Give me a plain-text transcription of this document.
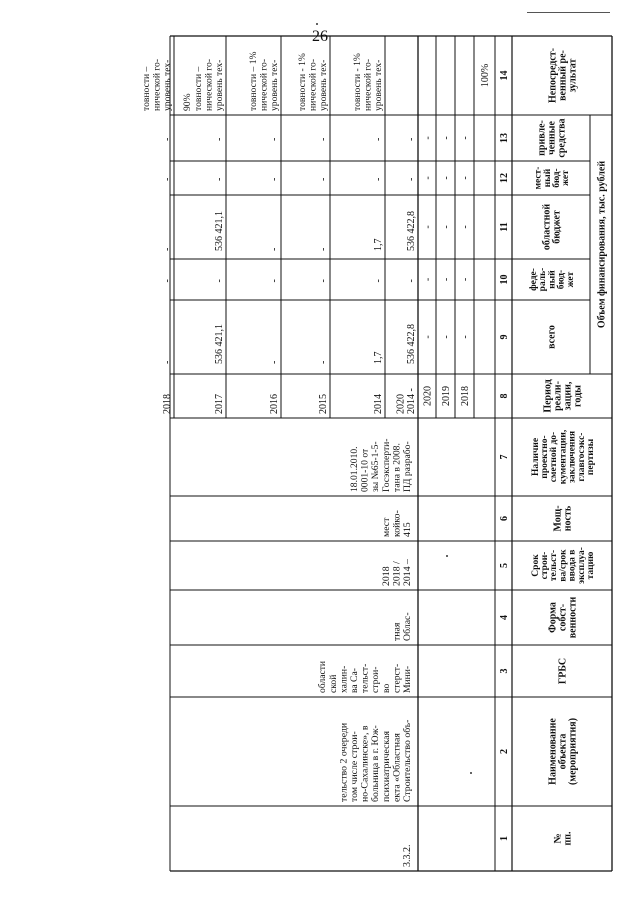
26
№ пп.
Наименование объекта (мероприятия)
ГРБС
Форма собст- венности
Срок строи- тельст- ва/срок ввода в эксплуа- тацию
Мощ- ность
Наличие проектно- сметной до- кументации, заключения главгосэкс- пертизы
Период реали- зации, годы
Объем финансирования, тыс. рублей
всего
феде- раль- ный бюд- жет
областной бюджет
мест- ный бюд- жет
привле- ченные средства
Непосредст- венный ре- зультат
1
2
3
4
5
6
7
8
9
10
11
12
13
14
100%
2018
-
-
-
-
-
2019
-
-
-
-
-
2020
-
-
-
-
-
3.3.2.
Строительство объ-
екта «Областная
психиатрическая
больница в г. Юж-
но-Сахалинске», в
том числе строи-
тельство 2 очереди
Мини-
стерст-
во
строи-
тельст-
ва Са-
халин-
ской
области
Облас-
тная
2014 –
2018 /
2018
415
койко-
мест
ПД разрабо-
тана в 2008.
Госэксперти-
зы №65-1-5-
0001-10 от
18.01.2010.
2014 -
2020
536 422,8
-
536 422,8
-
-
2014
1,7
-
1,7
-
-
уровень тех-
нической го-
товности - 1%
2015
-
-
-
-
-
уровень тех-
нической го-
товности - 1%
2016
-
-
-
-
-
уровень тех-
нической го-
товности – 1%
2017
536 421,1
-
536 421,1
-
-
уровень тех-
нической го-
товности –
90%
2018
-
-
-
-
-
уровень тех-
нической го-
товности –
